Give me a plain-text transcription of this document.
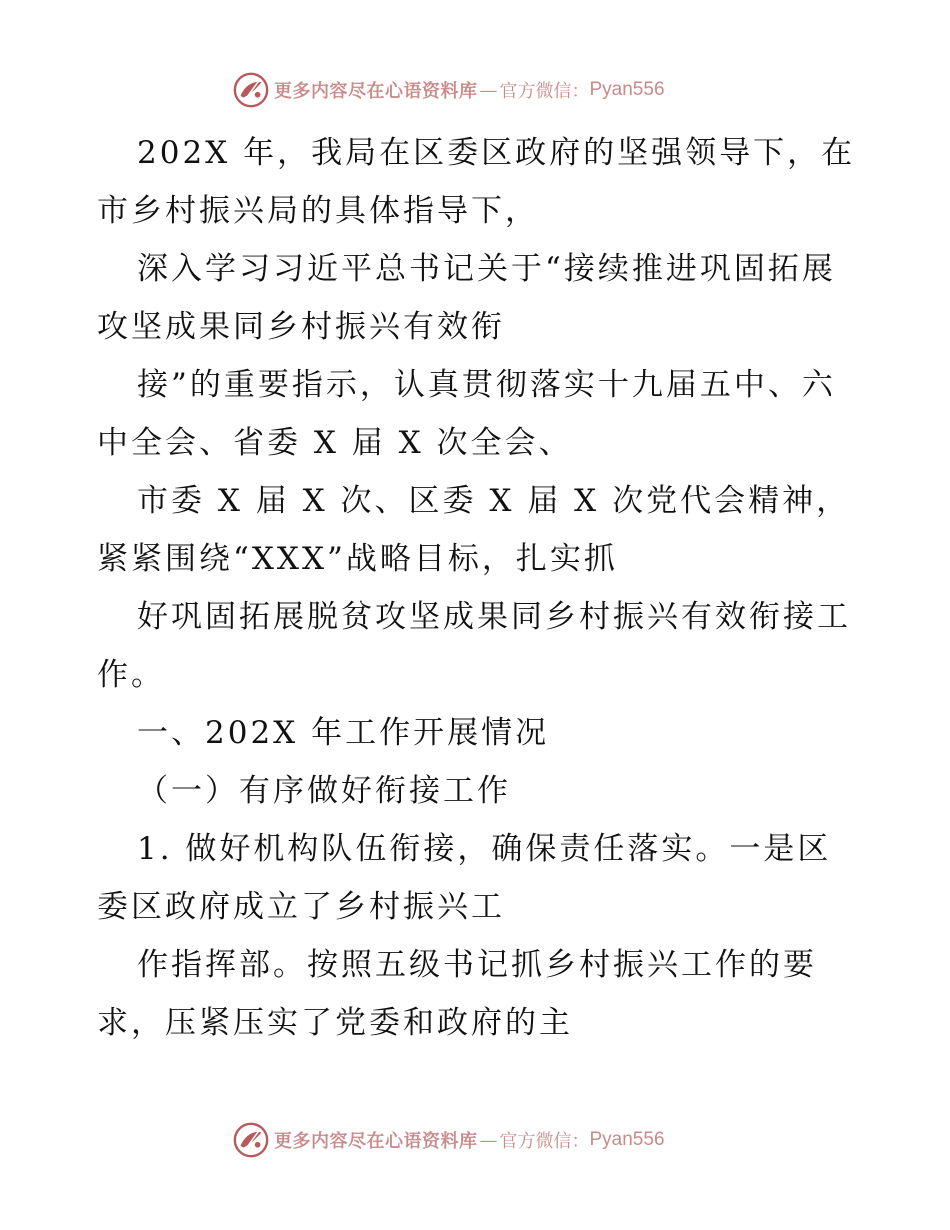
更多内容尽在心语资料库 — 官方微信： Pyan556
202X 年，我局在区委区政府的坚强领导下，在
市乡村振兴局的具体指导下，
深入学习习近平总书记关于“接续推进巩固拓展
攻坚成果同乡村振兴有效衔
接”的重要指示，认真贯彻落实十九届五中、六
中全会、省委 X 届 X 次全会、
市委 X 届 X 次、区委 X 届 X 次党代会精神，
紧紧围绕“XXX”战略目标，扎实抓
好巩固拓展脱贫攻坚成果同乡村振兴有效衔接工
作。
一、202X 年工作开展情况
（一）有序做好衔接工作
1. 做好机构队伍衔接，确保责任落实。一是区
委区政府成立了乡村振兴工
作指挥部。按照五级书记抓乡村振兴工作的要
求，压紧压实了党委和政府的主
更多内容尽在心语资料库 — 官方微信： Pyan556
